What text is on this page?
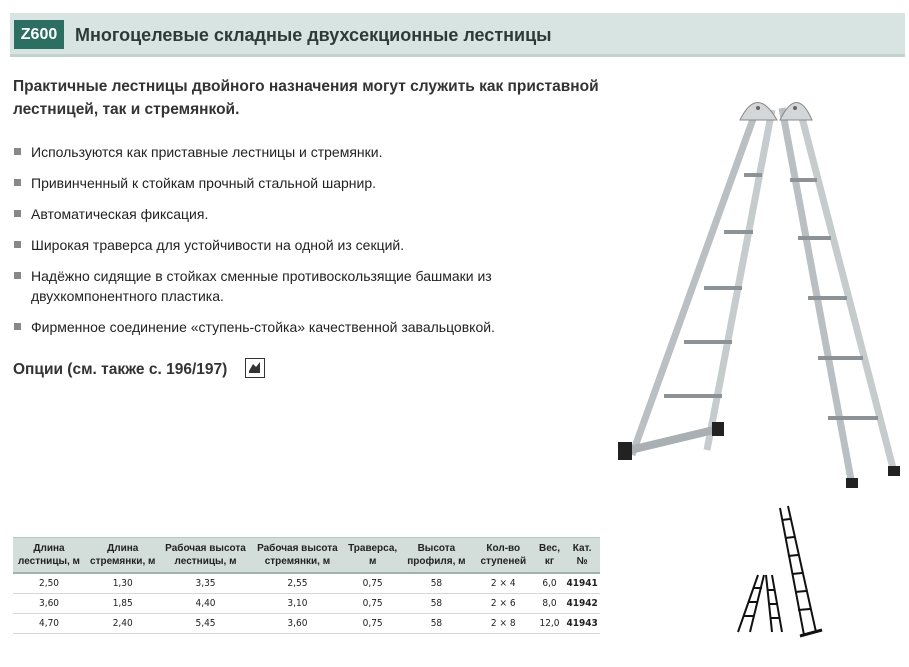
Z600 Многоцелевые складные двухсекционные лестницы
Практичные лестницы двойного назначения могут служить как приставной лестницей, так и стремянкой.
Используются как приставные лестницы и стремянки.
Привинченный к стойкам прочный стальной шарнир.
Автоматическая фиксация.
Широкая траверса для устойчивости на одной из секций.
Надёжно сидящие в стойках сменные противоскользящие башмаки из двухкомпонентного пластика.
Фирменное соединение «ступень-стойка» качественной завальцовкой.
Опции (см. также с. 196/197)
Длина лестницы, м	Длина стремянки, м	Рабочая высота лестницы, м	Рабочая высота стремянки, м	Траверса, м	Высота профиля, м	Кол-во ступеней	Вес, кг	Кат. №
2,50	1,30	3,35	2,55	0,75	58	2 × 4	6,0	41941
3,60	1,85	4,40	3,10	0,75	58	2 × 6	8,0	41942
4,70	2,40	5,45	3,60	0,75	58	2 × 8	12,0	41943
